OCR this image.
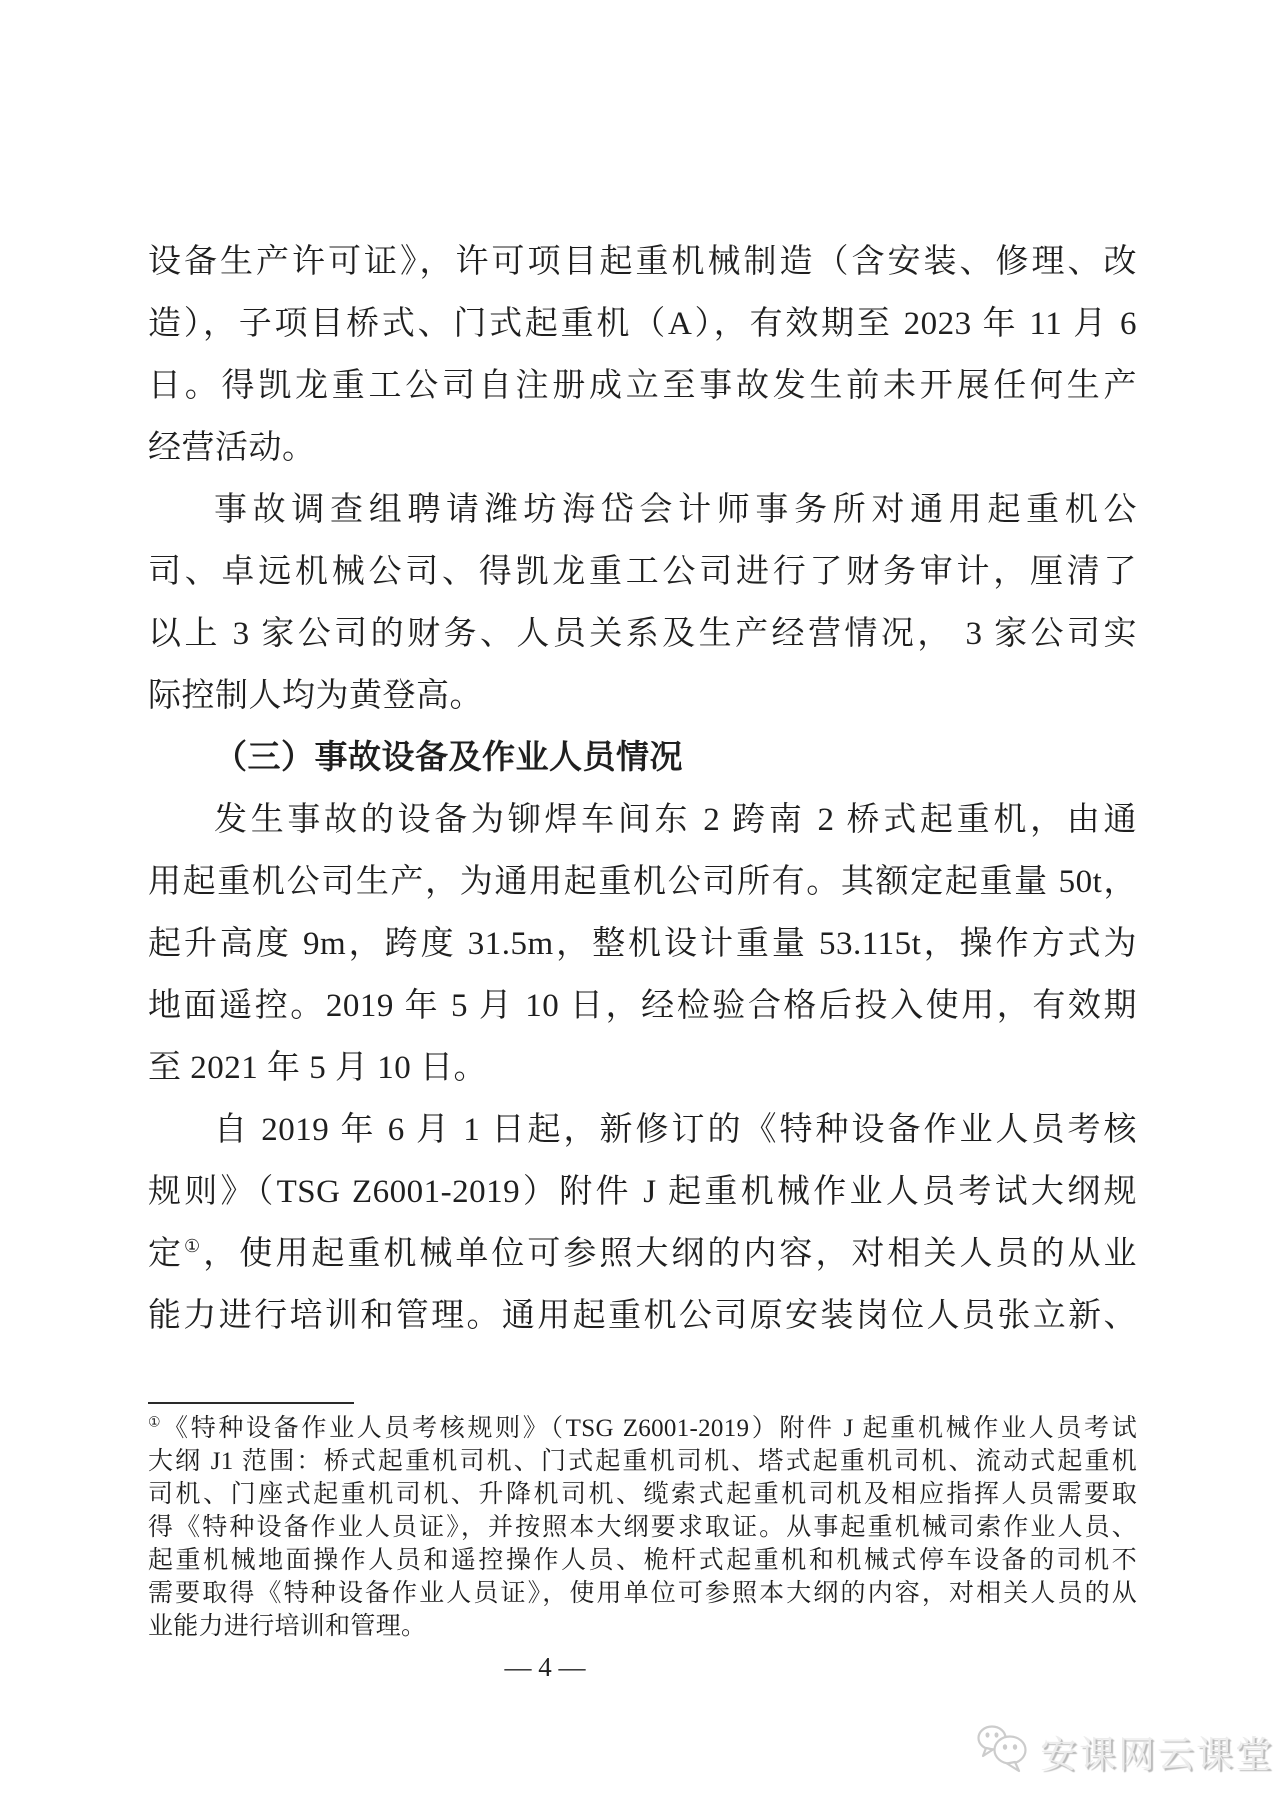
设备生产许可证》，许可项目起重机械制造（含安装、修理、改
造），子项目桥式、门式起重机（A），有效期至 2023 年 11 月 6
日。得凯龙重工公司自注册成立至事故发生前未开展任何生产
经营活动。
事故调查组聘请潍坊海岱会计师事务所对通用起重机公
司、卓远机械公司、得凯龙重工公司进行了财务审计，厘清了
以上 3 家公司的财务、人员关系及生产经营情况， 3 家公司实
际控制人均为黄登高。
（三）事故设备及作业人员情况
发生事故的设备为铆焊车间东 2 跨南 2 桥式起重机，由通
用起重机公司生产，为通用起重机公司所有。其额定起重量 50t，
起升高度 9m，跨度 31.5m，整机设计重量 53.115t，操作方式为
地面遥控。2019 年 5 月 10 日，经检验合格后投入使用，有效期
至 2021 年 5 月 10 日。
自 2019 年 6 月 1 日起，新修订的《特种设备作业人员考核
规则》（TSG Z6001-2019）附件 J 起重机械作业人员考试大纲规
定①，使用起重机械单位可参照大纲的内容，对相关人员的从业
能力进行培训和管理。通用起重机公司原安装岗位人员张立新、
①《特种设备作业人员考核规则》（TSG Z6001-2019）附件 J 起重机械作业人员考试
大纲 J1 范围：桥式起重机司机、门式起重机司机、塔式起重机司机、流动式起重机
司机、门座式起重机司机、升降机司机、缆索式起重机司机及相应指挥人员需要取
得《特种设备作业人员证》，并按照本大纲要求取证。从事起重机械司索作业人员、
起重机械地面操作人员和遥控操作人员、桅杆式起重机和机械式停车设备的司机不
需要取得《特种设备作业人员证》，使用单位可参照本大纲的内容，对相关人员的从
业能力进行培训和管理。
— 4 —
安课网云课堂
